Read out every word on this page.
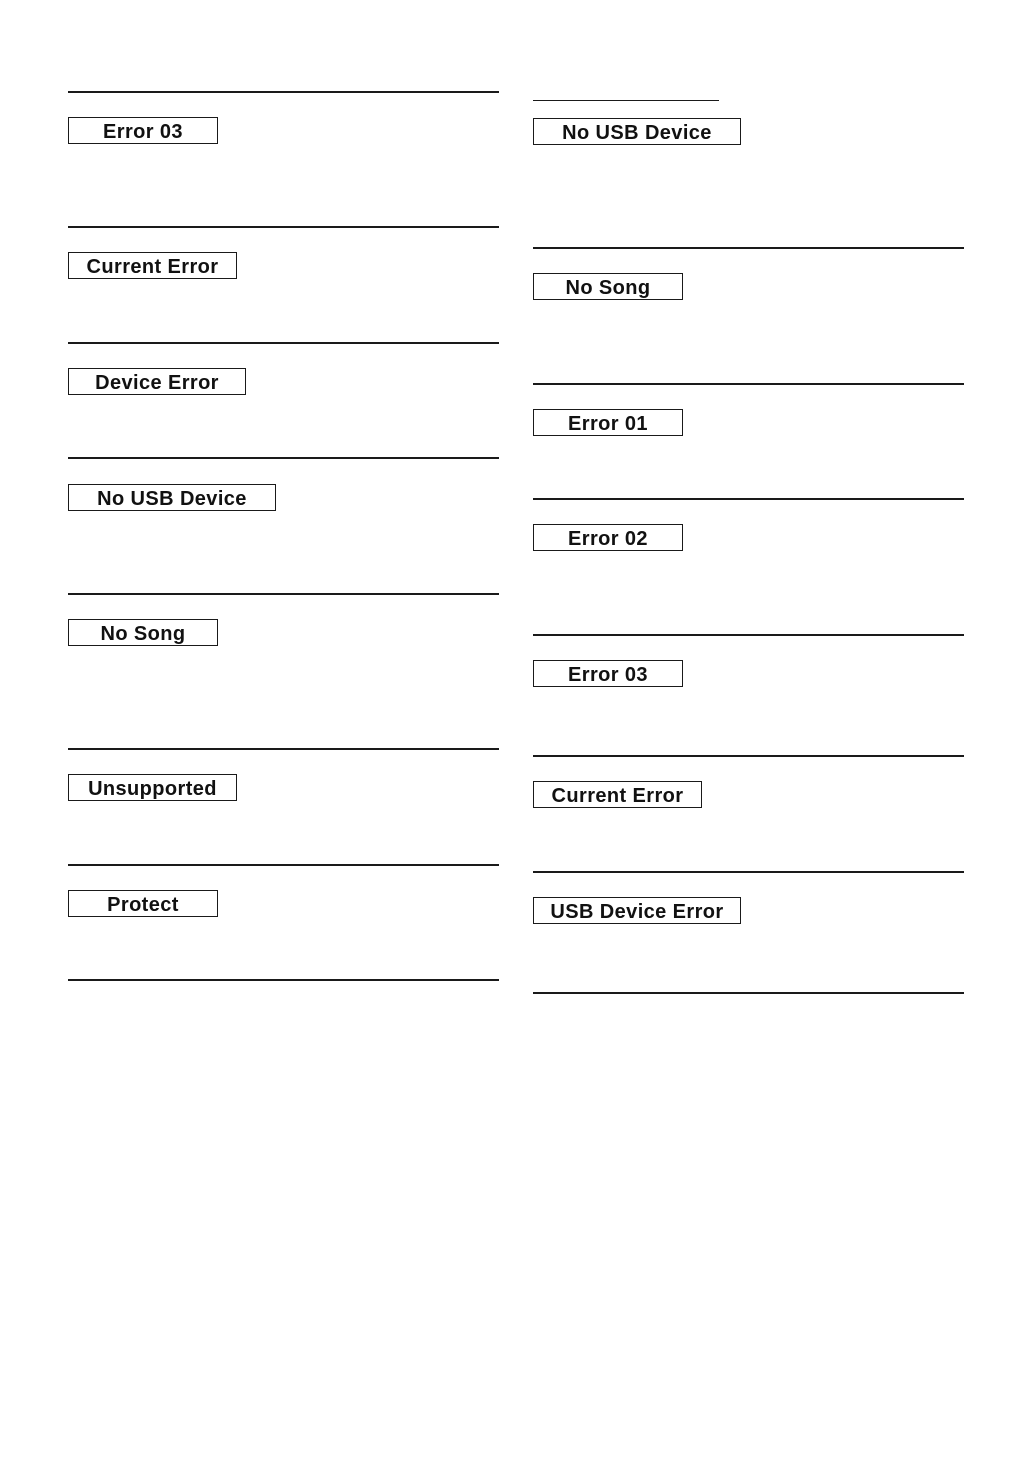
Error 03
Current Error
Device Error
No USB Device
No Song
Unsupported
Protect
No USB Device
No Song
Error 01
Error 02
Error 03
Current Error
USB Device Error
